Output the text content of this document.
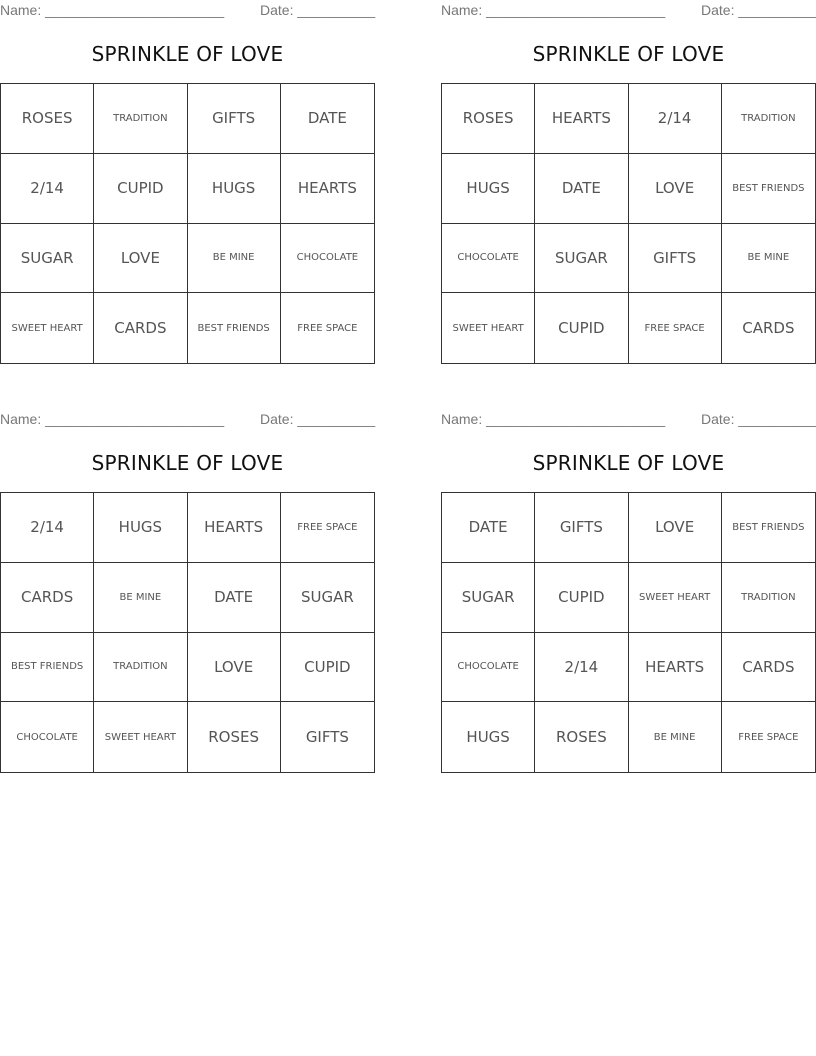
Name: _______________________	Date: __________
SPRINKLE OF LOVE
ROSES	TRADITION	GIFTS	DATE
2/14	CUPID	HUGS	HEARTS
SUGAR	LOVE	BE MINE	CHOCOLATE
SWEET HEART	CARDS	BEST FRIENDS	FREE SPACE
Name: _______________________	Date: __________
SPRINKLE OF LOVE
ROSES	HEARTS	2/14	TRADITION
HUGS	DATE	LOVE	BEST FRIENDS
CHOCOLATE	SUGAR	GIFTS	BE MINE
SWEET HEART	CUPID	FREE SPACE	CARDS
Name: _______________________	Date: __________
SPRINKLE OF LOVE
2/14	HUGS	HEARTS	FREE SPACE
CARDS	BE MINE	DATE	SUGAR
BEST FRIENDS	TRADITION	LOVE	CUPID
CHOCOLATE	SWEET HEART	ROSES	GIFTS
Name: _______________________	Date: __________
SPRINKLE OF LOVE
DATE	GIFTS	LOVE	BEST FRIENDS
SUGAR	CUPID	SWEET HEART	TRADITION
CHOCOLATE	2/14	HEARTS	CARDS
HUGS	ROSES	BE MINE	FREE SPACE
